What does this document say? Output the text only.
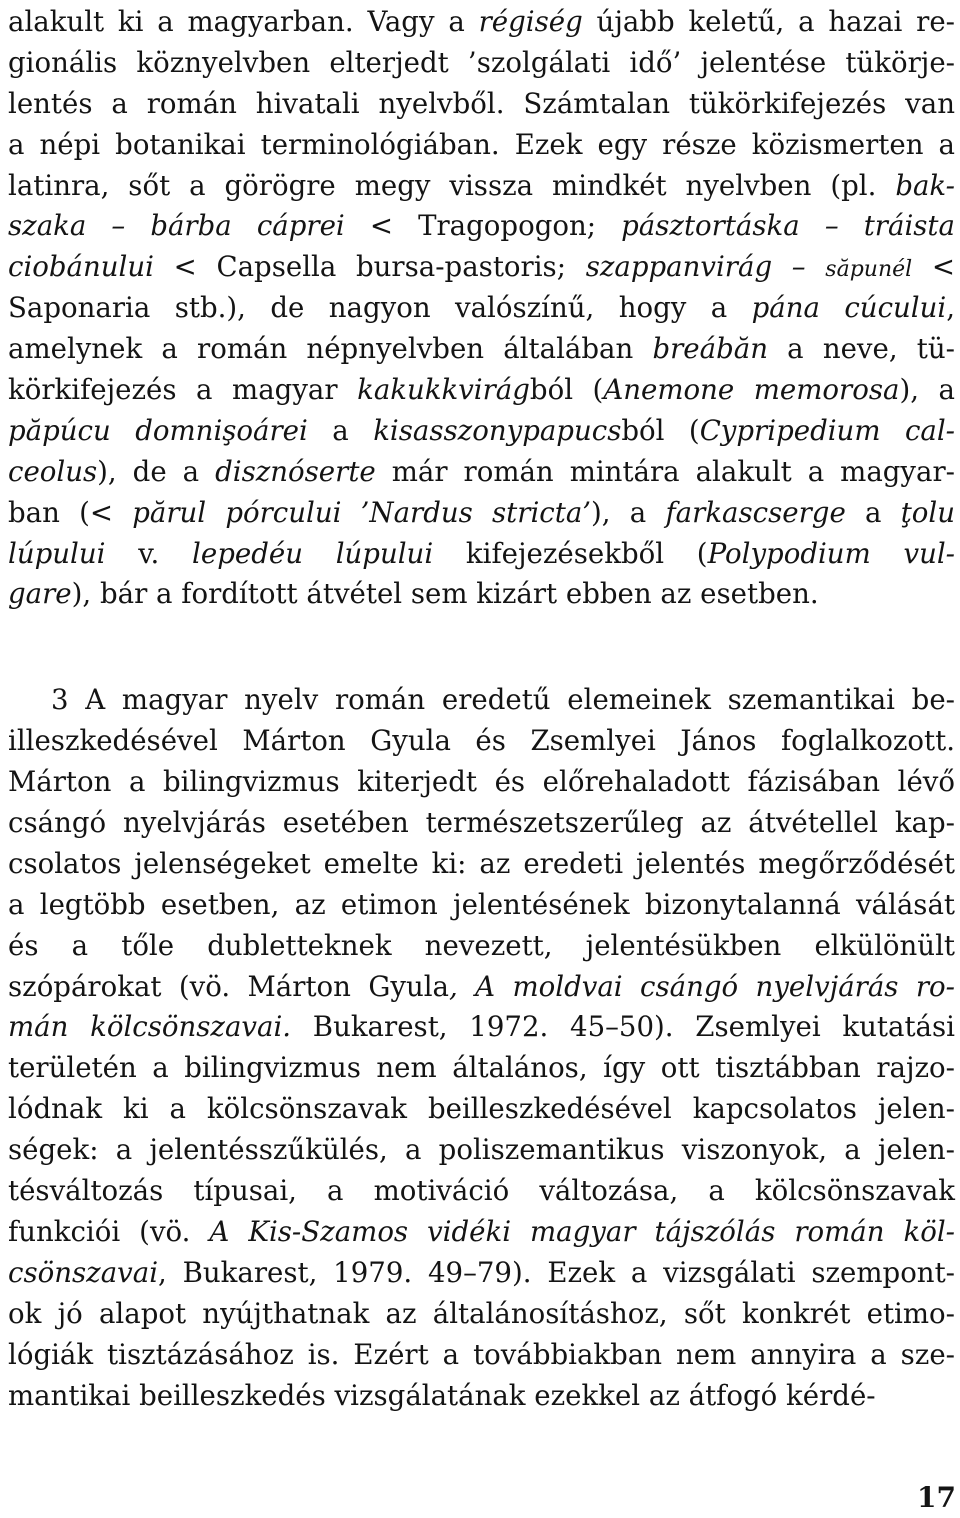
alakult ki a magyarban. Vagy a régiség újabb keletű, a hazai re-
gionális köznyelvben elterjedt ’szolgálati idő’ jelentése tükörje-
lentés a román hivatali nyelvből. Számtalan tükörkifejezés van
a népi botanikai terminológiában. Ezek egy része közismerten a
latinra, sőt a görögre megy vissza mindkét nyelvben (pl. bak-
szaka – bárba cáprei < Tragopogon; pásztortáska – tráista
ciobánului < Capsella bursa-pastoris; szappanvirág – săpunél <
Saponaria stb.), de nagyon valószínű, hogy a pána cúcului,
amelynek a román népnyelvben általában breábăn a neve, tü-
körkifejezés a magyar kakukkvirágból (Anemone memorosa), a
păpúcu domnişoárei a kisasszonypapucsból (Cypripedium cal-
ceolus), de a disznóserte már román mintára alakult a magyar-
ban (< părul pórcului ’Nardus stricta’), a farkascserge a ţolu
lúpului v. lepedéu lúpului kifejezésekből (Polypodium vul-
gare), bár a fordított átvétel sem kizárt ebben az esetben.
3 A magyar nyelv román eredetű elemeinek szemantikai be-
illeszkedésével Márton Gyula és Zsemlyei János foglalkozott.
Márton a bilingvizmus kiterjedt és előrehaladott fázisában lévő
csángó nyelvjárás esetében természetszerűleg az átvétellel kap-
csolatos jelenségeket emelte ki: az eredeti jelentés megőrződését
a legtöbb esetben, az etimon jelentésének bizonytalanná válását
és a tőle dubletteknek nevezett, jelentésükben elkülönült
szópárokat (vö. Márton Gyula, A moldvai csángó nyelvjárás ro-
mán kölcsönszavai. Bukarest, 1972. 45–50). Zsemlyei kutatási
területén a bilingvizmus nem általános, így ott tisztábban rajzo-
lódnak ki a kölcsönszavak beilleszkedésével kapcsolatos jelen-
ségek: a jelentésszűkülés, a poliszemantikus viszonyok, a jelen-
tésváltozás típusai, a motiváció változása, a kölcsönszavak
funkciói (vö. A Kis-Szamos vidéki magyar tájszólás román köl-
csönszavai, Bukarest, 1979. 49–79). Ezek a vizsgálati szempont-
ok jó alapot nyújthatnak az általánosításhoz, sőt konkrét etimo-
lógiák tisztázásához is. Ezért a továbbiakban nem annyira a sze-
mantikai beilleszkedés vizsgálatának ezekkel az átfogó kérdé-
17
